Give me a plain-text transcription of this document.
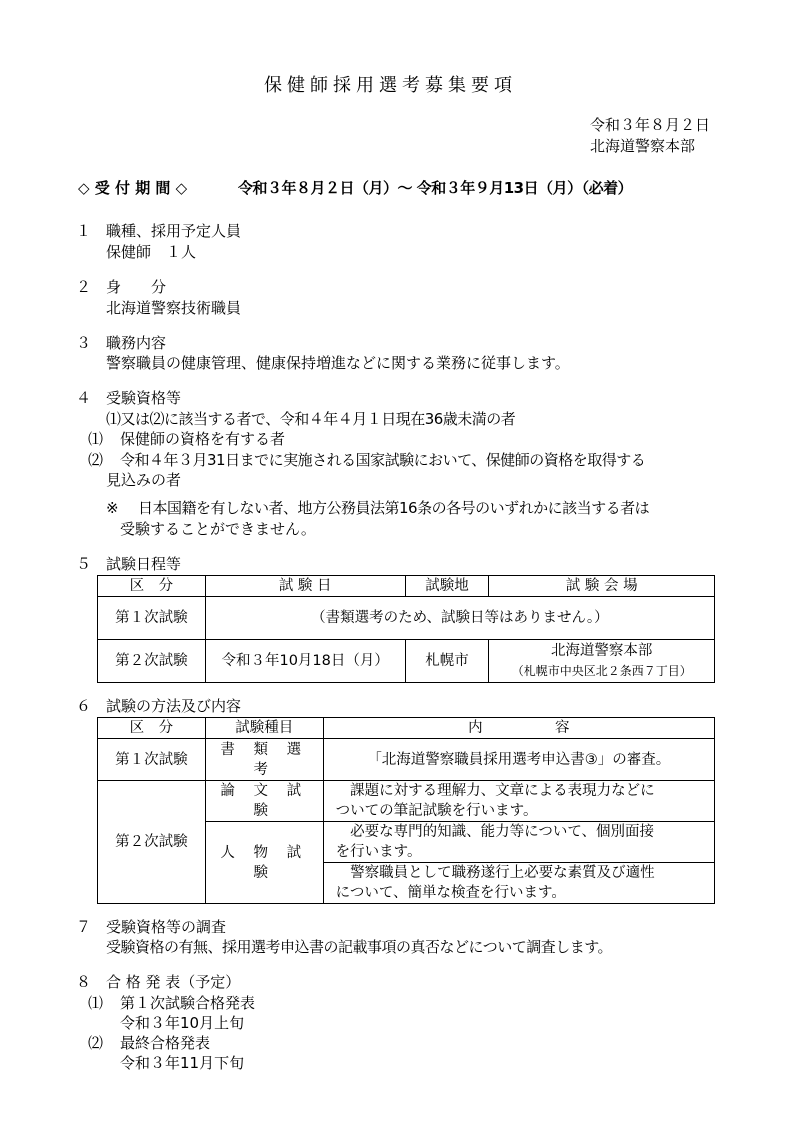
保健師採用選考募集要項
令和３年８月２日
北海道警察本部
◇ 受 付 期 間 ◇	令和３年８月２日（月）～ 令和３年９月13日（月）（必着）
１ 職種、採用予定人員
保健師　１人
２ 身　　分
北海道警察技術職員
３ 職務内容
警察職員の健康管理、健康保持増進などに関する業務に従事します。
４ 受験資格等
⑴又は⑵に該当する者で、令和４年４月１日現在36歳未満の者
⑴ 保健師の資格を有する者
⑵ 令和４年３月31日までに実施される国家試験において、保健師の資格を取得する
見込みの者
※ 日本国籍を有しない者、地方公務員法第16条の各号のいずれかに該当する者は
受験することができません。
５ 試験日程等
区　分	試 験 日	試験地	試 験 会 場
第１次試験	（書類選考のため、試験日等はありません。）		
第２次試験	令和３年10月18日（月）	札幌市	北海道警察本部
（札幌市中央区北２条西７丁目）
６ 試験の方法及び内容
区　分	試験種目	内　　　　　容
第１次試験	書 類 選 考	「北海道警察職員採用選考申込書③」の審査。
第２次試験	論 文 試 験	　課題に対する理解力、文章による表現力などに
ついての筆記試験を行います。

	人 物 試 験	　必要な専門的知識、能力等について、個別面接
を行います。

		　警察職員として職務遂行上必要な素質及び適性
について、簡単な検査を行います。
７ 受験資格等の調査
受験資格の有無、採用選考申込書の記載事項の真否などについて調査します。
８ 合 格 発 表（予定）
⑴ 第１次試験合格発表
令和３年10月上旬
⑵ 最終合格発表
令和３年11月下旬
